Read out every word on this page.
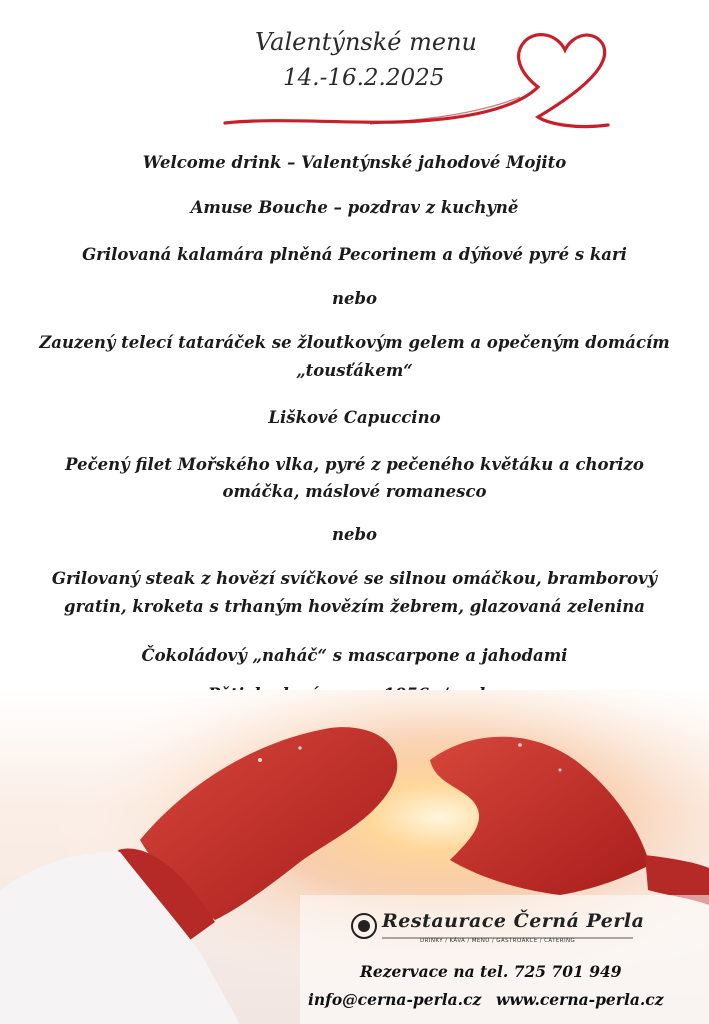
Valentýnské menu
14.-16.2.2025

Welcome drink – Valentýnské jahodové Mojito

Amuse Bouche – pozdrav z kuchyně

Grilovaná kalamára plněná Pecorinem a dýňové pyré s kari

nebo

Zauzený telecí tataráček se žloutkovým gelem a opečeným domácím

„tousťákem“

Liškové Capuccino

Pečený filet Mořského vlka, pyré z pečeného květáku a chorizo

omáčka, máslové romanesco

nebo

Grilovaný steak z hovězí svíčkové se silnou omáčkou, bramborový

gratin, kroketa s trhaným hovězím žebrem, glazovaná zelenina

Čokoládový „naháč“ s mascarpone a jahodami

Restaurace Černá Perla
DRINKY / KÁVA / MENU / GASTROAKCE / CATERING
Rezervace na tel. 725 701 949
info@cerna-perla.cz www.cerna-perla.cz
